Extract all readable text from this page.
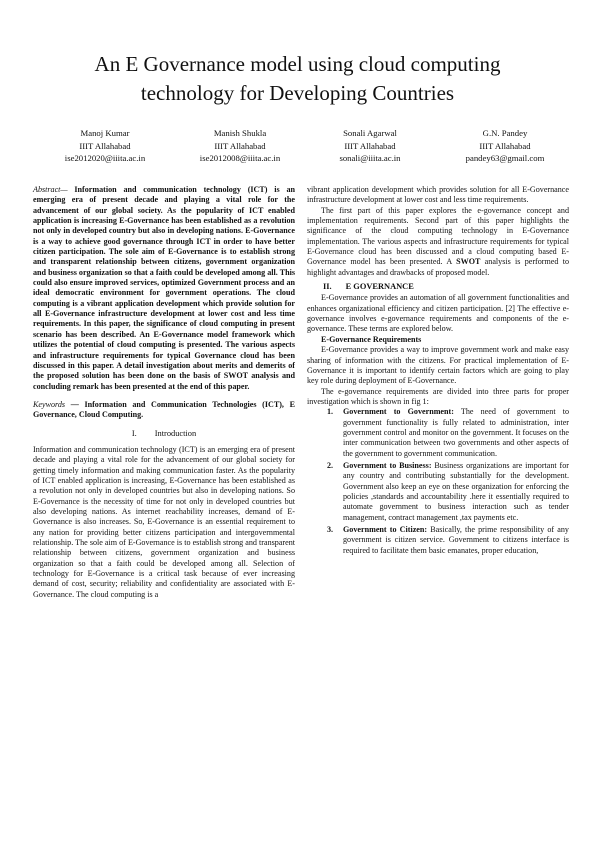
An E Governance model using cloud computing
technology for Developing Countries
Manoj Kumar
IIIT Allahabad
ise2012020@iiita.ac.in
Manish Shukla
IIIT Allahabad
ise2012008@iiita.ac.in
Sonali Agarwal
IIIT Allahabad
sonali@iiita.ac.in
G.N. Pandey
IIIT Allahabad
pandey63@gmail.com

Abstract— Information and communication technology (ICT) is an emerging era of present decade and playing a vital role for the advancement of our global society. As the popularity of ICT enabled application is increasing E-Governance has been established as a revolution not only in developed country but also in developing nations. E-Governance is a way to achieve good governance through ICT in order to have better citizen participation. The sole aim of E-Governance is to establish strong and transparent relationship between citizens, government organization and business organization so that a faith could be developed among all. This could also ensure improved services, optimized Government process and an ideal democratic environment for government operations. The cloud computing is a vibrant application development which provide solution for all E-Governance infrastructure development at lower cost and less time requirements. In this paper, the significance of cloud computing in present scenario has been described. An E-Governance model framework which utilizes the potential of cloud computing is presented. The various aspects and infrastructure requirements for typical Governance cloud has been discussed in this paper. A detail investigation about merits and demerits of the proposed solution has been done on the basis of SWOT analysis and concluding remark has been presented at the end of this paper.

Keywords — Information and Communication Technologies (ICT), E Governance, Cloud Computing.

I. Introduction

Information and communication technology (ICT) is an emerging era of present decade and playing a vital role for the advancement of our global society for getting timely information and making communication faster. As the popularity of ICT enabled application is increasing, E-Governance has been established as a revolution not only in developed countries but also in developing nations. So E-Governance is the necessity of time for not only in developed countries but also developing nations. As internet reachability increases, demand of E-Governance is also increases. So, E-Governance is an essential requirement to any nation for providing better citizens participation and intergovernmental relationship. The sole aim of E-Governance is to establish strong and transparent relationship between citizens, government organization and business organization so that a faith could be developed among all. Selection of technology for E-Governance is a critical task because of ever increasing demand of cost, security; reliability and confidentiality are associated with E-Governance. The cloud computing is a

vibrant application development which provides solution for all E-Governance infrastructure development at lower cost and less time requirements.

The first part of this paper explores the e-governance concept and implementation requirements. Second part of this paper highlights the significance of the cloud computing technology in E-Governance implementation. The various aspects and infrastructure requirements for typical E-Governance cloud has been discussed and a cloud computing based E-Governance model has been presented. A SWOT analysis is performed to highlight advantages and drawbacks of proposed model.

II. E GOVERNANCE

E-Governance provides an automation of all government functionalities and enhances organizational efficiency and citizen participation. [2] The effective e-governance involves e-governance requirements and components of the e-governance. These terms are explored below.

E-Governance Requirements

E-Governance provides a way to improve government work and make easy sharing of information with the citizens. For practical implementation of E-Governance it is important to identify certain factors which are going to play key role during deployment of E-Governance.

The e-governance requirements are divided into three parts for proper investigation which is shown in fig 1:

1. Government to Government: The need of government to government functionality is fully related to administration, inter government control and monitor on the government. It focuses on the inter communication between two governments and other aspects of the government to government communication.
2. Government to Business: Business organizations are important for any country and contributing substantially for the development. Government also keep an eye on these organization for enforcing the policies ,standards and accountability .here it essentially required to automate government to business interaction such as tender management, contract management ,tax payments etc.
3. Government to Citizen: Basically, the prime responsibility of any government is citizen service. Government to citizens interface is required to facilitate them basic emanates, proper education,
